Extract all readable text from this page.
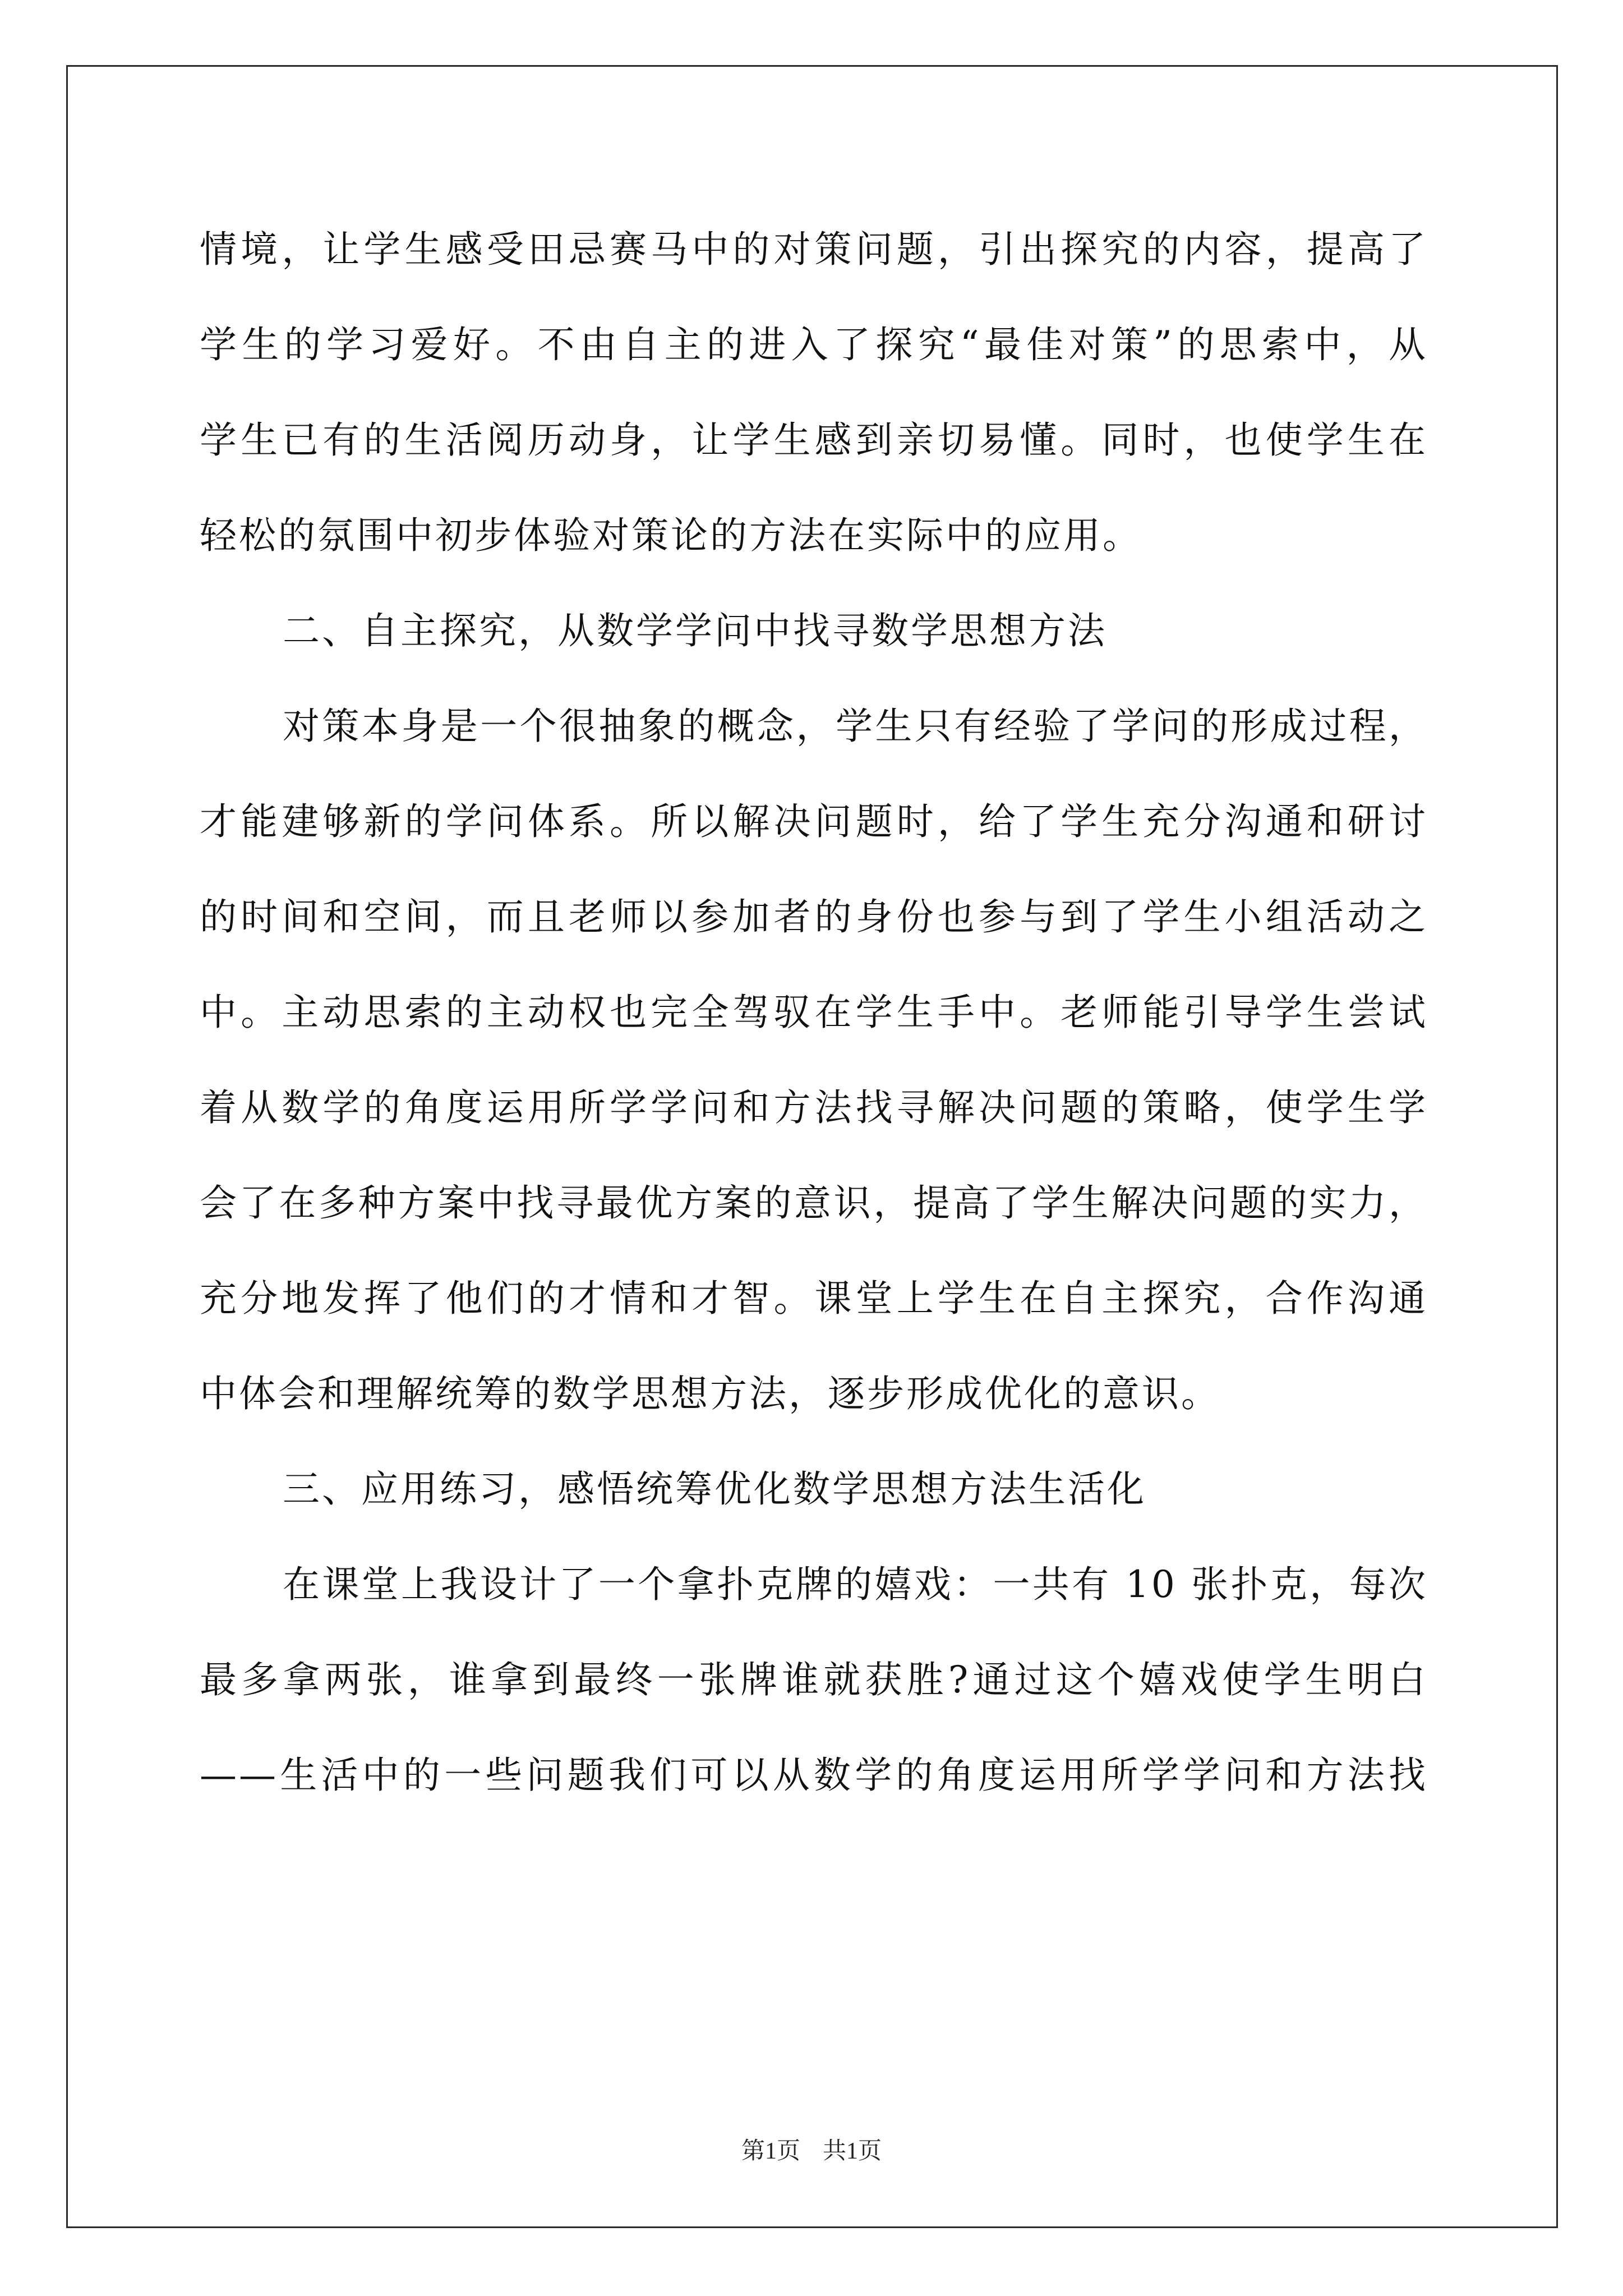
情境，让学生感受田忌赛马中的对策问题，引出探究的内容，提高了
学生的学习爱好。不由自主的进入了探究“最佳对策”的思索中，从
学生已有的生活阅历动身，让学生感到亲切易懂。同时，也使学生在
轻松的氛围中初步体验对策论的方法在实际中的应用。
二、自主探究，从数学学问中找寻数学思想方法
对策本身是一个很抽象的概念，学生只有经验了学问的形成过程，
才能建够新的学问体系。所以解决问题时，给了学生充分沟通和研讨
的时间和空间，而且老师以参加者的身份也参与到了学生小组活动之
中。主动思索的主动权也完全驾驭在学生手中。老师能引导学生尝试
着从数学的角度运用所学学问和方法找寻解决问题的策略，使学生学
会了在多种方案中找寻最优方案的意识，提高了学生解决问题的实力，
充分地发挥了他们的才情和才智。课堂上学生在自主探究，合作沟通
中体会和理解统筹的数学思想方法，逐步形成优化的意识。
三、应用练习，感悟统筹优化数学思想方法生活化
在课堂上我设计了一个拿扑克牌的嬉戏：一共有 10 张扑克，每次
最多拿两张，谁拿到最终一张牌谁就获胜?通过这个嬉戏使学生明白
——生活中的一些问题我们可以从数学的角度运用所学学问和方法找
第1页 共1页
